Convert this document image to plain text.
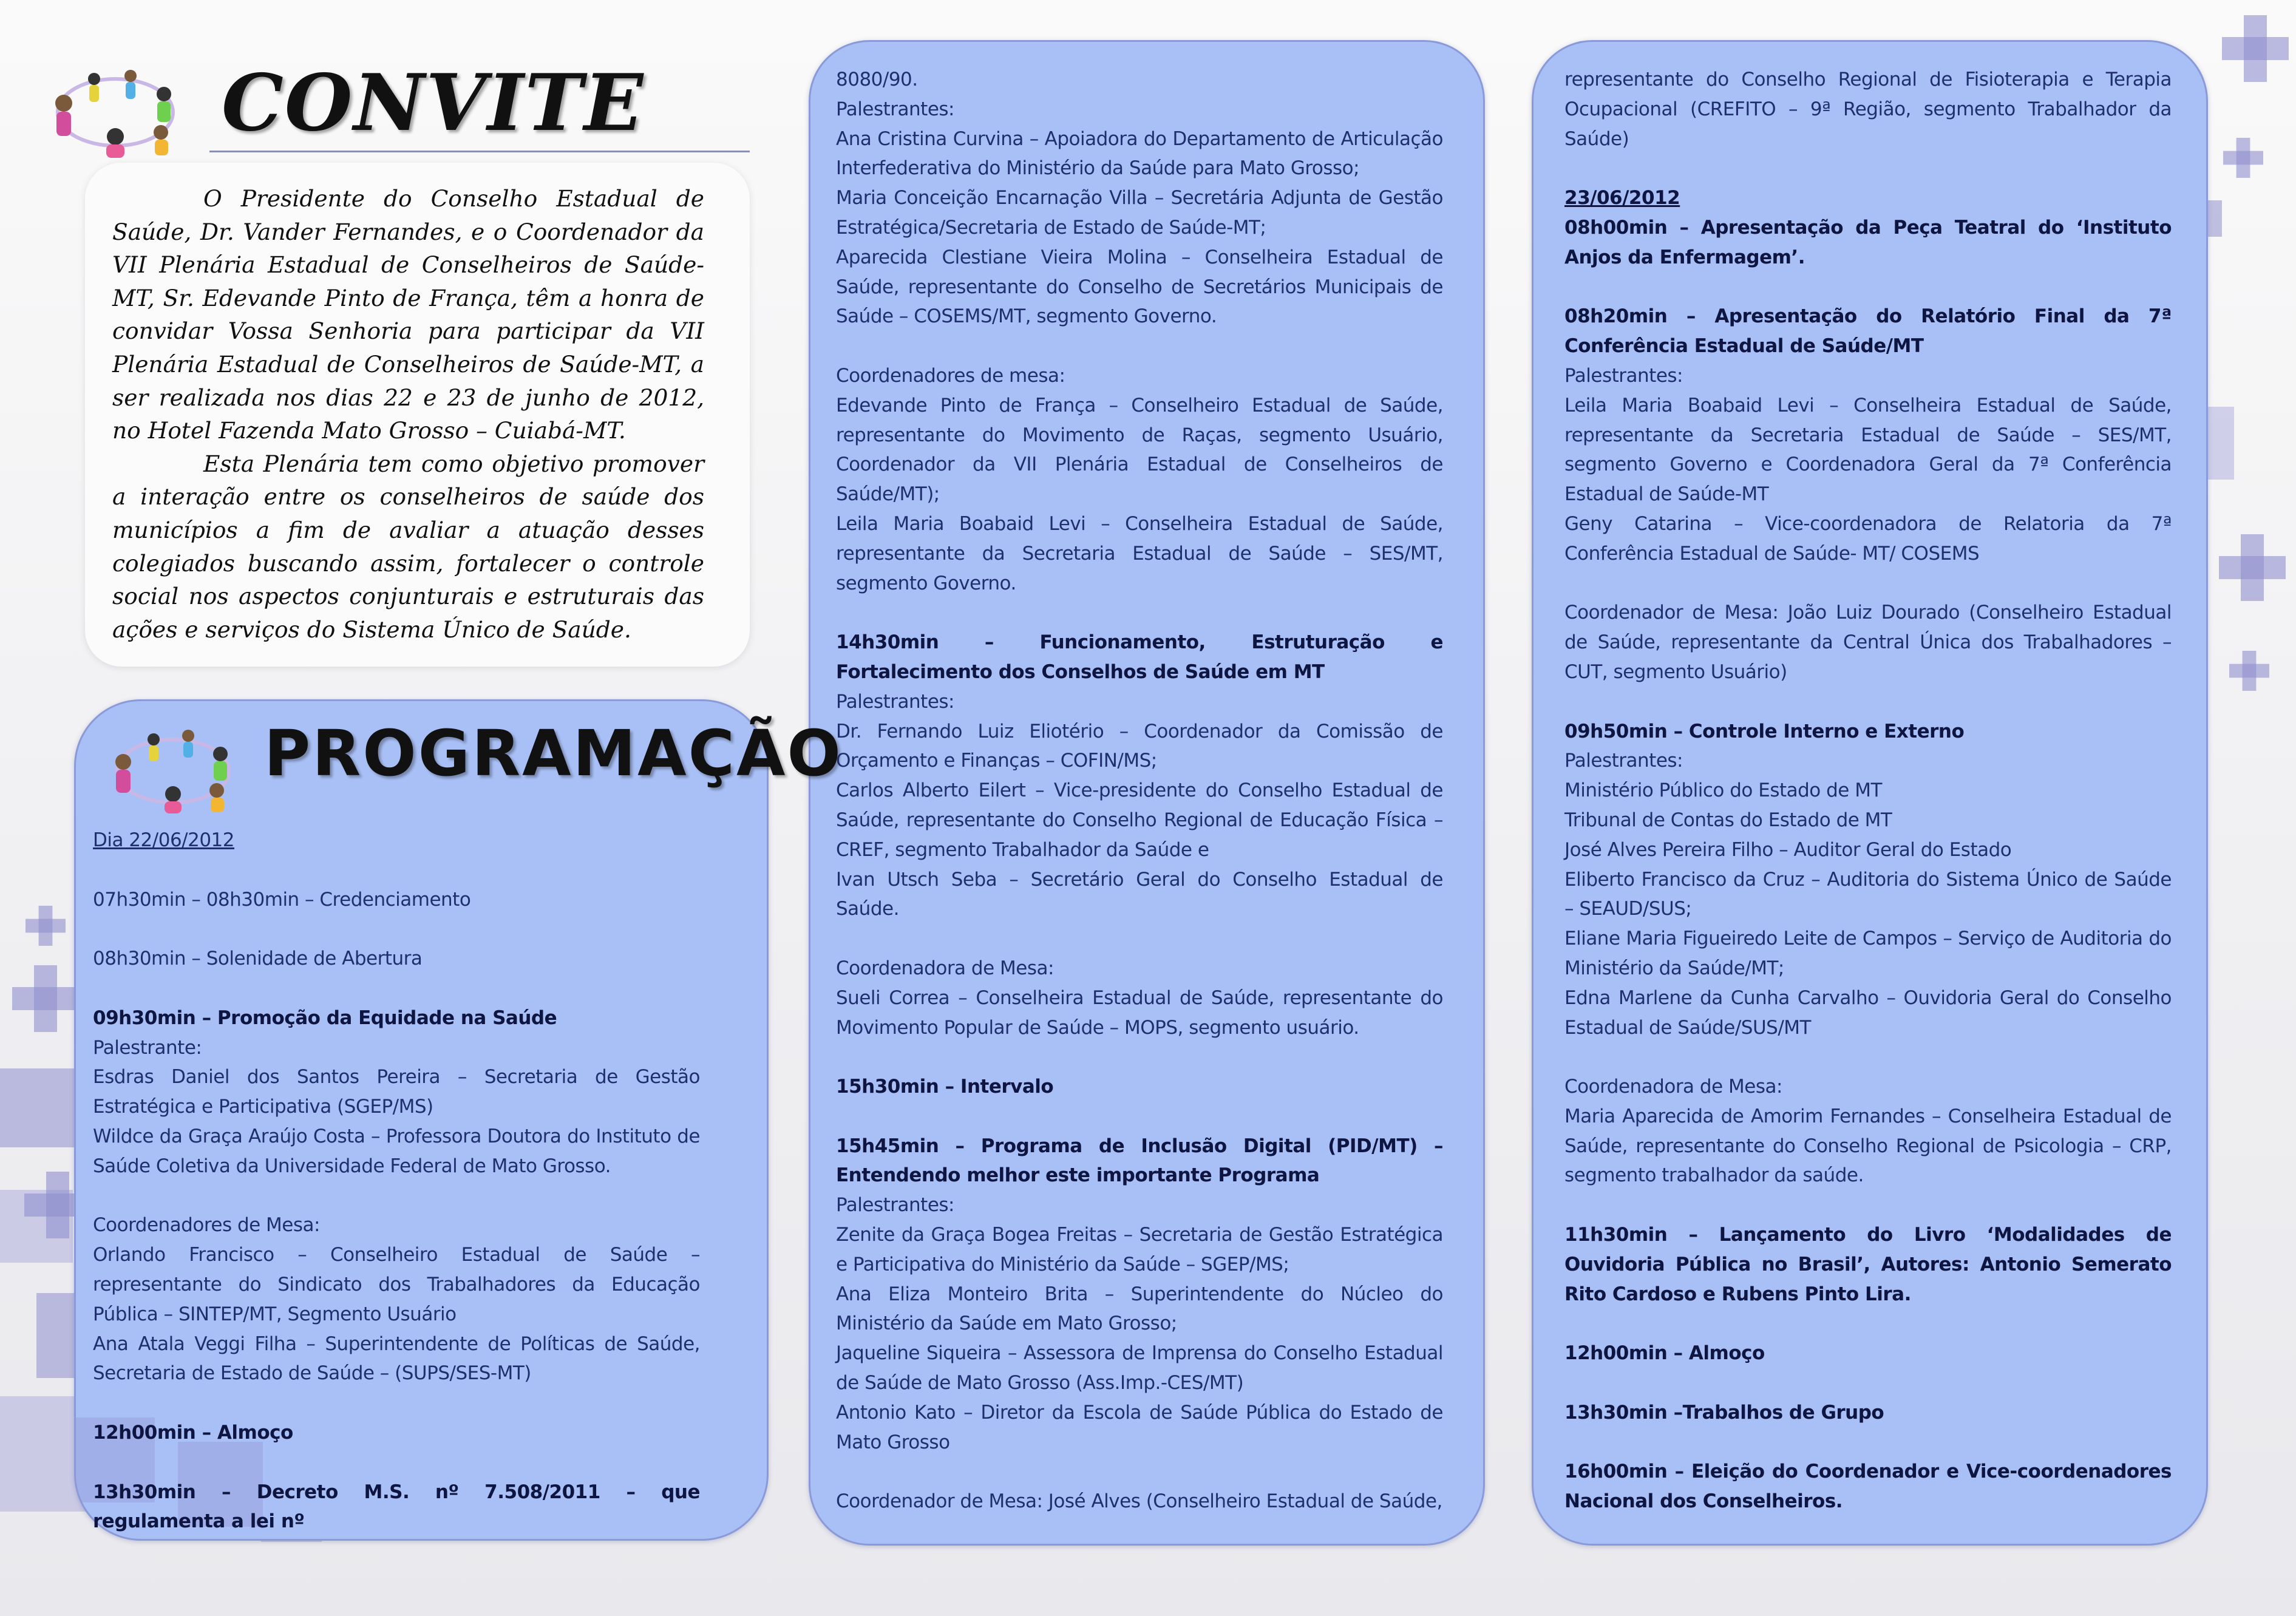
CONVITE

O Presidente do Conselho Estadual de Saúde, Dr. Vander Fernandes, e o Coordenador da VII Plenária Estadual de Conselheiros de Saúde-MT, Sr. Edevande Pinto de França, têm a honra de convidar Vossa Senhoria para participar da VII Plenária Estadual de Conselheiros de Saúde-MT, a ser realizada nos dias 22 e 23 de junho de 2012, no Hotel Fazenda Mato Grosso – Cuiabá-MT.

Esta Plenária tem como objetivo promover a interação entre os conselheiros de saúde dos municípios a fim de avaliar a atuação desses colegiados buscando assim, fortalecer o controle social nos aspectos conjunturais e estruturais das ações e serviços do Sistema Único de Saúde.

PROGRAMAÇÃO
Dia 22/06/2012
07h30min – 08h30min – Credenciamento
08h30min – Solenidade de Abertura
09h30min – Promoção da Equidade na Saúde
Palestrante:
Esdras Daniel dos Santos Pereira – Secretaria de Gestão Estratégica e Participativa (SGEP/MS)
Wildce da Graça Araújo Costa – Professora Doutora do Instituto de Saúde Coletiva da Universidade Federal de Mato Grosso.
Coordenadores de Mesa:
Orlando Francisco – Conselheiro Estadual de Saúde – representante do Sindicato dos Trabalhadores da Educação Pública – SINTEP/MT, Segmento Usuário
Ana Atala Veggi Filha – Superintendente de Políticas de Saúde, Secretaria de Estado de Saúde – (SUPS/SES-MT)
12h00min – Almoço
13h30min – Decreto M.S. nº 7.508/2011 – que regulamenta a lei nº
8080/90.
Palestrantes:
Ana Cristina Curvina – Apoiadora do Departamento de Articulação Interfederativa do Ministério da Saúde para Mato Grosso;
Maria Conceição Encarnação Villa – Secretária Adjunta de Gestão Estratégica/Secretaria de Estado de Saúde-MT;
Aparecida Clestiane Vieira Molina – Conselheira Estadual de Saúde, representante do Conselho de Secretários Municipais de Saúde – COSEMS/MT, segmento Governo.
Coordenadores de mesa:
Edevande Pinto de França – Conselheiro Estadual de Saúde, representante do Movimento de Raças, segmento Usuário, Coordenador da VII Plenária Estadual de Conselheiros de Saúde/MT);
Leila Maria Boabaid Levi – Conselheira Estadual de Saúde, representante da Secretaria Estadual de Saúde – SES/MT, segmento Governo.
14h30min – Funcionamento, Estruturação e Fortalecimento dos Conselhos de Saúde em MT
Palestrantes:
Dr. Fernando Luiz Eliotério – Coordenador da Comissão de Orçamento e Finanças – COFIN/MS;
Carlos Alberto Eilert – Vice-presidente do Conselho Estadual de Saúde, representante do Conselho Regional de Educação Física – CREF, segmento Trabalhador da Saúde e
Ivan Utsch Seba – Secretário Geral do Conselho Estadual de Saúde.
Coordenadora de Mesa:
Sueli Correa – Conselheira Estadual de Saúde, representante do Movimento Popular de Saúde – MOPS, segmento usuário.
15h30min – Intervalo
15h45min – Programa de Inclusão Digital (PID/MT) – Entendendo melhor este importante Programa
Palestrantes:
Zenite da Graça Bogea Freitas – Secretaria de Gestão Estratégica e Participativa do Ministério da Saúde – SGEP/MS;
Ana Eliza Monteiro Brita – Superintendente do Núcleo do Ministério da Saúde em Mato Grosso;
Jaqueline Siqueira – Assessora de Imprensa do Conselho Estadual de Saúde de Mato Grosso (Ass.Imp.-CES/MT)
Antonio Kato – Diretor da Escola de Saúde Pública do Estado de Mato Grosso
Coordenador de Mesa: José Alves (Conselheiro Estadual de Saúde,
representante do Conselho Regional de Fisioterapia e Terapia Ocupacional (CREFITO – 9ª Região, segmento Trabalhador da Saúde)
23/06/2012
08h00min – Apresentação da Peça Teatral do ‘Instituto Anjos da Enfermagem’.
08h20min – Apresentação do Relatório Final da 7ª Conferência Estadual de Saúde/MT
Palestrantes:
Leila Maria Boabaid Levi – Conselheira Estadual de Saúde, representante da Secretaria Estadual de Saúde – SES/MT, segmento Governo e Coordenadora Geral da 7ª Conferência Estadual de Saúde-MT
Geny Catarina – Vice-coordenadora de Relatoria da 7ª Conferência Estadual de Saúde- MT/ COSEMS
Coordenador de Mesa: João Luiz Dourado (Conselheiro Estadual de Saúde, representante da Central Única dos Trabalhadores – CUT, segmento Usuário)
09h50min – Controle Interno e Externo
Palestrantes:
Ministério Público do Estado de MT
Tribunal de Contas do Estado de MT
José Alves Pereira Filho – Auditor Geral do Estado
Eliberto Francisco da Cruz – Auditoria do Sistema Único de Saúde – SEAUD/SUS;
Eliane Maria Figueiredo Leite de Campos – Serviço de Auditoria do Ministério da Saúde/MT;
Edna Marlene da Cunha Carvalho – Ouvidoria Geral do Conselho Estadual de Saúde/SUS/MT
Coordenadora de Mesa:
Maria Aparecida de Amorim Fernandes – Conselheira Estadual de Saúde, representante do Conselho Regional de Psicologia – CRP, segmento trabalhador da saúde.
11h30min – Lançamento do Livro ‘Modalidades de Ouvidoria Pública no Brasil’, Autores: Antonio Semerato Rito Cardoso e Rubens Pinto Lira.
12h00min – Almoço
13h30min –Trabalhos de Grupo
16h00min – Eleição do Coordenador e Vice-coordenadores Nacional dos Conselheiros.
